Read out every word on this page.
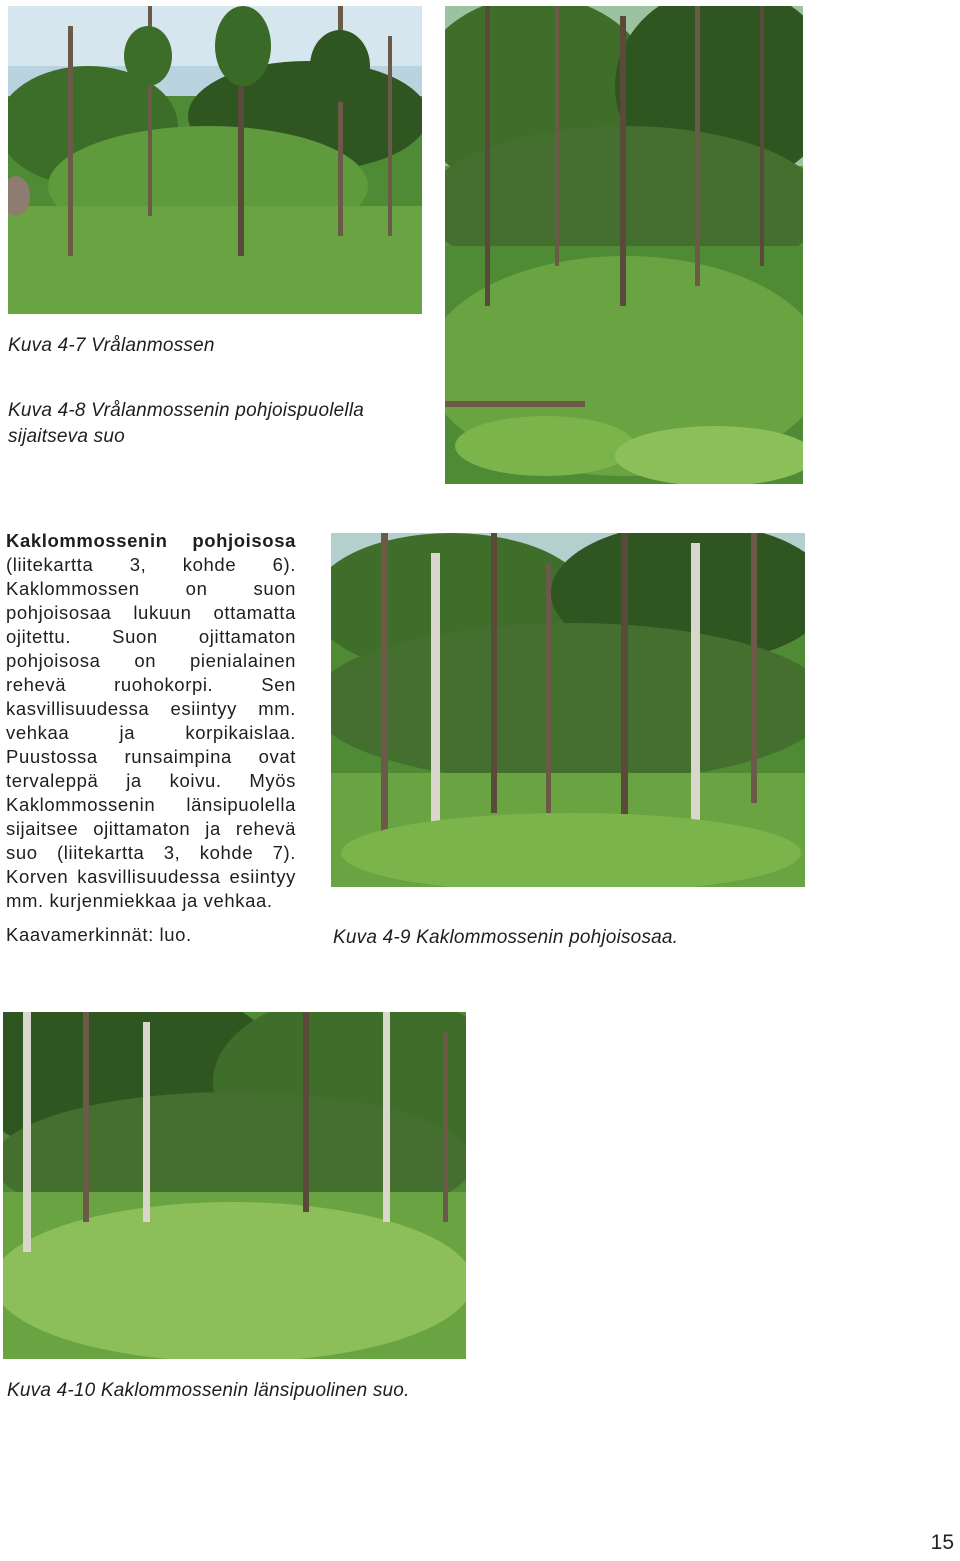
Kuva 4-7 Vrålanmossen
Kuva 4-8 Vrålanmossenin pohjoispuolella sijaitseva suo

Kaklommossenin pohjoisosa (liitekartta 3, kohde 6). Kaklommossen on suon pohjoisosaa lukuun ottamatta ojitettu. Suon ojittamaton pohjoisosa on pienialainen rehevä ruohokorpi. Sen kasvillisuudessa esiintyy mm. vehkaa ja korpikaislaa. Puustossa runsaimpina ovat tervaleppä ja koivu. Myös Kaklommossenin länsipuolella sijaitsee ojittamaton ja rehevä suo (liitekartta 3, kohde 7). Korven kasvillisuudessa esiintyy mm. kurjenmiekkaa ja vehkaa.

Kaavamerkinnät: luo.	Kuva 4-9 Kaklommossenin pohjoisosaa.
Kuva 4-10 Kaklommossenin länsipuolinen suo.
15
